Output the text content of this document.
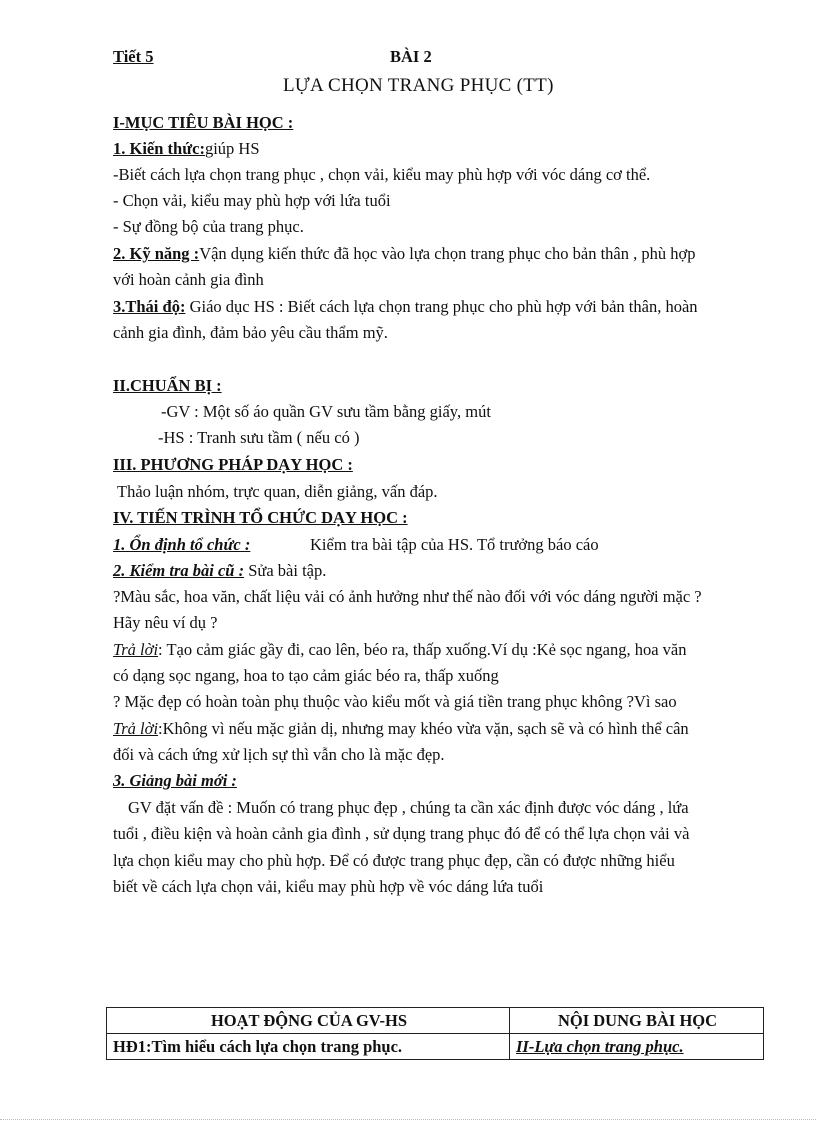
Tiết 5	BÀI 2
LỰA CHỌN TRANG PHỤC (TT)
I-MỤC TIÊU BÀI HỌC :
1. Kiến thức:giúp HS
-Biết cách lựa chọn trang phục , chọn vải, kiểu may phù hợp với vóc dáng cơ thể.
- Chọn vải, kiểu may phù hợp với lứa tuổi
- Sự đồng bộ của trang phục.
2. Kỹ năng :Vận dụng kiến thức đã học vào lựa chọn trang phục cho bản thân , phù hợp
với hoàn cảnh gia đình
3.Thái độ: Giáo dục HS : Biết cách lựa chọn trang phục cho phù hợp với bản thân, hoàn
cảnh gia đình, đảm bảo yêu cầu thẩm mỹ.
II.CHUẨN BỊ :
-GV : Một số áo quần GV sưu tầm bằng giấy, mút
-HS : Tranh sưu tầm ( nếu có )
III. PHƯƠNG PHÁP DẠY HỌC :
Thảo luận nhóm, trực quan, diễn giảng, vấn đáp.
IV. TIẾN TRÌNH TỔ CHỨC DẠY HỌC :
1. Ổn định tổ chức :	Kiểm tra bài tập của HS. Tổ trưởng báo cáo
2. Kiểm tra bài cũ : Sửa bài tập.
?Màu sắc, hoa văn, chất liệu vải có ảnh hưởng như thế nào đối với vóc dáng người mặc ?
Hãy nêu ví dụ ?
Trả lời: Tạo cảm giác gầy đi, cao lên, béo ra, thấp xuống.Ví dụ :Kẻ sọc ngang, hoa văn
có dạng sọc ngang, hoa to tạo cảm giác béo ra, thấp xuống
? Mặc đẹp có hoàn toàn phụ thuộc vào kiểu mốt và giá tiền trang phục không ?Vì sao
Trả lời:Không vì nếu mặc giản dị, nhưng may khéo vừa vặn, sạch sẽ và có hình thể cân
đối và cách ứng xử lịch sự thì vẫn cho là mặc đẹp.
3. Giảng bài mới :
GV đặt vấn đề : Muốn có trang phục đẹp , chúng ta cần xác định được vóc dáng , lứa
tuổi , điều kiện và hoàn cảnh gia đình , sử dụng trang phục đó để có thể lựa chọn vải và
lựa chọn kiểu may cho phù hợp. Để có được trang phục đẹp, cần có được những hiểu
biết về cách lựa chọn vải, kiểu may phù hợp về vóc dáng lứa tuổi
HOẠT ĐỘNG CỦA GV-HS	NỘI DUNG BÀI HỌC
HĐ1:Tìm hiểu cách lựa chọn trang phục.	II-Lựa chọn trang phục.
